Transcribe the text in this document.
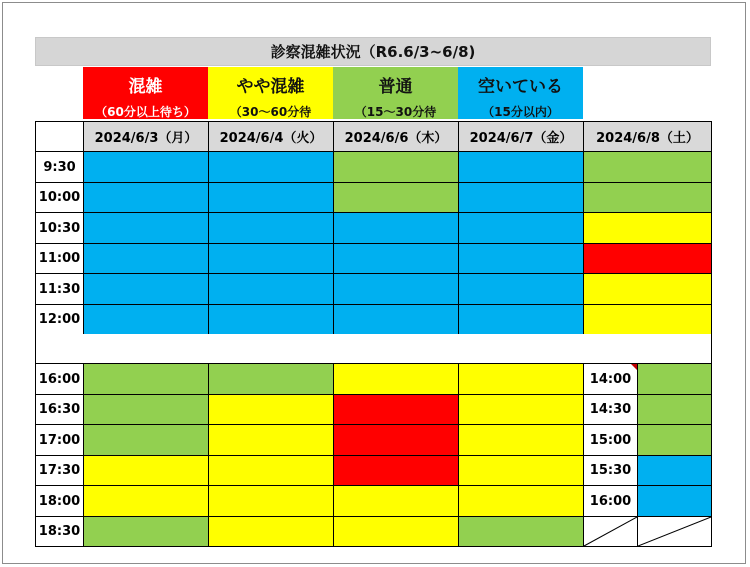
診察混雑状況（R6.6/3~6/8)
混雑
（60分以上待ち）
やや混雑
（30～60分待
普通
（15～30分待
空いている
（15分以内）
2024/6/3（月）	2024/6/4（火）	2024/6/6（木）	2024/6/7（金）	2024/6/8（土）
9:30
10:00
10:30
11:00
11:30
12:00
16:00	14:00
16:30	14:30
17:00	15:00
17:30	15:30
18:00	16:00
18:30
